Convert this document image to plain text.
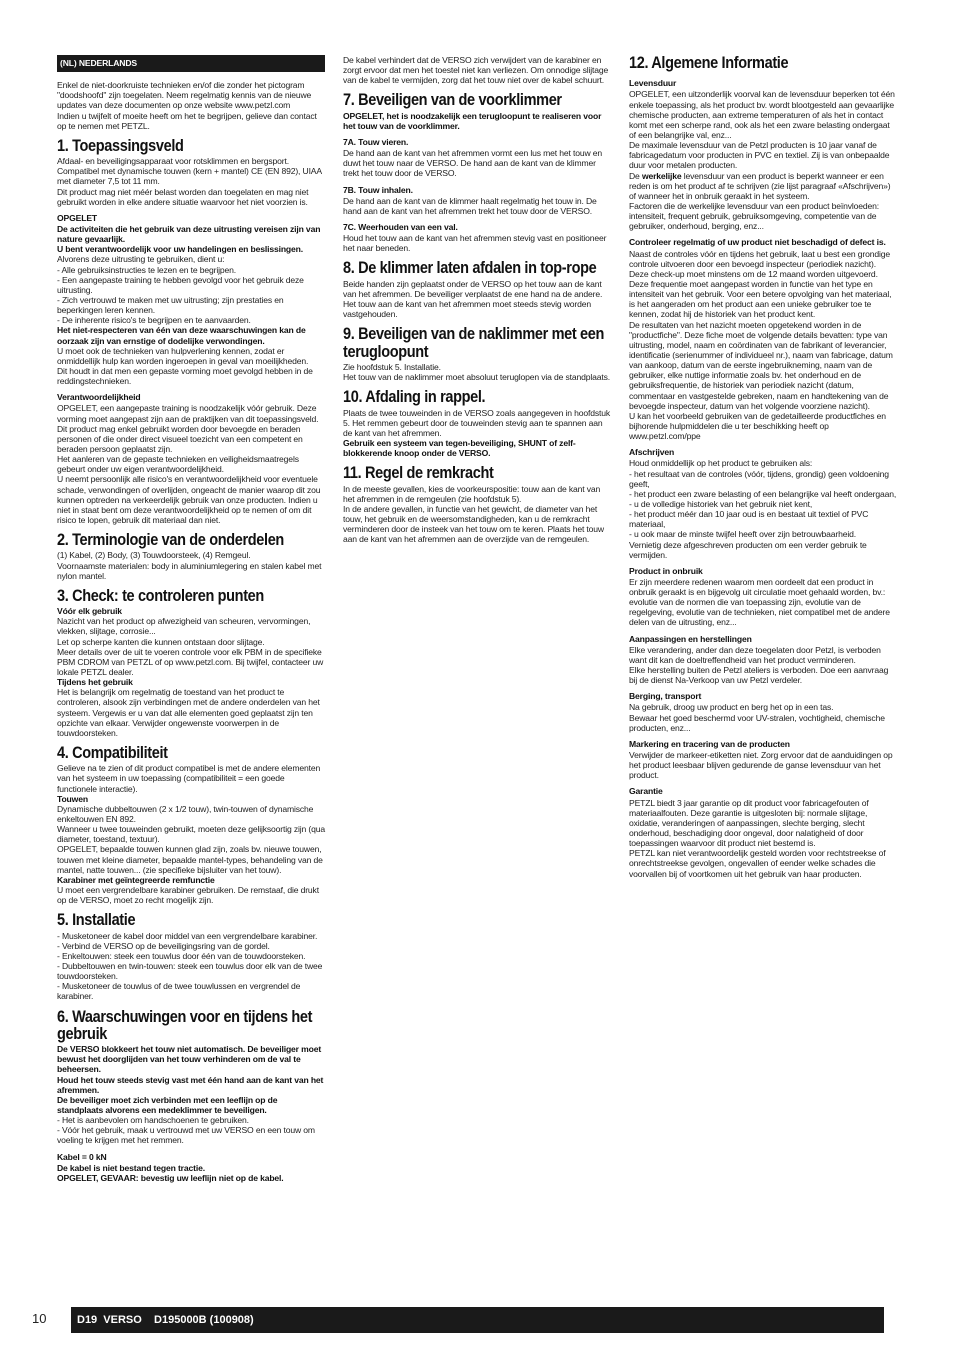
(NL) NEDERLANDS

Enkel de niet-doorkruiste technieken en/of die zonder het pictogram "doodshoofd" zijn toegelaten. Neem regelmatig kennis van de nieuwe updates van deze documenten op onze website www.petzl.com
Indien u twijfelt of moeite heeft om het te begrijpen, gelieve dan contact op te nemen met PETZL.

1. Toepassingsveld

Afdaal- en beveiligingsapparaat voor rotsklimmen en bergsport.
Compatibel met dynamische touwen (kern + mantel) CE (EN 892), UIAA met diameter 7,5 tot 11 mm.
Dit product mag niet méér belast worden dan toegelaten en mag niet gebruikt worden in elke andere situatie waarvoor het niet voorzien is.

OPGELET

De activiteiten die het gebruik van deze uitrusting vereisen zijn van nature gevaarlijk.
U bent verantwoordelijk voor uw handelingen en beslissingen.

Alvorens deze uitrusting te gebruiken, dient u:
- Alle gebruiksinstructies te lezen en te begrijpen.
- Een aangepaste training te hebben gevolgd voor het gebruik deze uitrusting.
- Zich vertrouwd te maken met uw uitrusting; zijn prestaties en beperkingen leren kennen.
- De inherente risico's te begrijpen en te aanvaarden.

Het niet-respecteren van één van deze waarschuwingen kan de oorzaak zijn van ernstige of dodelijke verwondingen.

U moet ook de technieken van hulpverlening kennen, zodat er onmiddellijk hulp kan worden ingeroepen in geval van moeilijkheden.
Dit houdt in dat men een gepaste vorming moet gevolgd hebben in de reddingstechnieken.

Verantwoordelijkheid

OPGELET, een aangepaste training is noodzakelijk vóór gebruik. Deze vorming moet aangepast zijn aan de praktijken van dit toepassingsveld.
Dit product mag enkel gebruikt worden door bevoegde en beraden personen of die onder direct visueel toezicht van een competent en beraden persoon geplaatst zijn.
Het aanleren van de gepaste technieken en veiligheidsmaatregels gebeurt onder uw eigen verantwoordelijkheid.
U neemt persoonlijk alle risico's en verantwoordelijkheid voor eventuele schade, verwondingen of overlijden, ongeacht de manier waarop dit zou kunnen optreden na verkeerdelijk gebruik van onze producten. Indien u niet in staat bent om deze verantwoordelijkheid op te nemen of om dit risico te lopen, gebruik dit materiaal dan niet.

2. Terminologie van de onderdelen

(1) Kabel, (2) Body, (3) Touwdoorsteek, (4) Remgeul.
Voornaamste materialen: body in aluminiumlegering en stalen kabel met nylon mantel.

3. Check: te controleren punten

Vóór elk gebruik

Nazicht van het product op afwezigheid van scheuren, vervormingen, vlekken, slijtage, corrosie...
Let op scherpe kanten die kunnen ontstaan door slijtage.
Meer details over de uit te voeren controle voor elk PBM in de specifieke PBM CDROM van PETZL of op www.petzl.com. Bij twijfel, contacteer uw lokale PETZL dealer.

Tijdens het gebruik

Het is belangrijk om regelmatig de toestand van het product te controleren, alsook zijn verbindingen met de andere onderdelen van het systeem. Vergewis er u van dat alle elementen goed geplaatst zijn ten opzichte van elkaar. Verwijder ongewenste voorwerpen in de touwdoorsteken.

4. Compatibiliteit

Gelieve na te zien of dit product compatibel is met de andere elementen van het systeem in uw toepassing (compatibiliteit = een goede functionele interactie).

Touwen

Dynamische dubbeltouwen (2 x 1/2 touw), twin-touwen of dynamische enkeltouwen EN 892.
Wanneer u twee touweinden gebruikt, moeten deze gelijksoortig zijn (qua diameter, toestand, textuur).
OPGELET, bepaalde touwen kunnen glad zijn, zoals bv. nieuwe touwen, touwen met kleine diameter, bepaalde mantel-types, behandeling van de mantel, natte touwen... (zie specifieke bijsluiter van het touw).

Karabiner met geïntegreerde remfunctie

U moet een vergrendelbare karabiner gebruiken. De remstaaf, die drukt op de VERSO, moet zo recht mogelijk zijn.

5. Installatie

- Musketoneer de kabel door middel van een vergrendelbare karabiner.
- Verbind de VERSO op de beveiligingsring van de gordel.
- Enkeltouwen: steek een touwlus door één van de touwdoorsteken.
- Dubbeltouwen en twin-touwen: steek een touwlus door elk van de twee touwdoorsteken.
- Musketoneer de touwlus of de twee touwlussen en vergrendel de karabiner.

6. Waarschuwingen voor en tijdens het gebruik

De VERSO blokkeert het touw niet automatisch. De beveiliger moet bewust het doorglijden van het touw verhinderen om de val te beheersen.
Houd het touw steeds stevig vast met één hand aan de kant van het afremmen.
De beveiliger moet zich verbinden met een leeflijn op de standplaats alvorens een medeklimmer te beveiligen.

- Het is aanbevolen om handschoenen te gebruiken.
- Vóór het gebruik, maak u vertrouwd met uw VERSO en een touw om voeling te krijgen met het remmen.

Kabel = 0 kN

De kabel is niet bestand tegen tractie.
OPGELET, GEVAAR: bevestig uw leeflijn niet op de kabel.

De kabel verhindert dat de VERSO zich verwijdert van de karabiner en zorgt ervoor dat men het toestel niet kan verliezen. Om onnodige slijtage van de kabel te vermijden, zorg dat het touw niet over de kabel schuurt.

7. Beveiligen van de voorklimmer

OPGELET, het is noodzakelijk een terugloopunt te realiseren voor het touw van de voorklimmer.

7A. Touw vieren.

De hand aan de kant van het afremmen vormt een lus met het touw en duwt het touw naar de VERSO. De hand aan de kant van de klimmer trekt het touw door de VERSO.

7B. Touw inhalen.

De hand aan de kant van de klimmer haalt regelmatig het touw in. De hand aan de kant van het afremmen trekt het touw door de VERSO.

7C. Weerhouden van een val.

Houd het touw aan de kant van het afremmen stevig vast en positioneer het naar beneden.

8. De klimmer laten afdalen in top-rope

Beide handen zijn geplaatst onder de VERSO op het touw aan de kant van het afremmen. De beveiliger verplaatst de ene hand na de andere. Het touw aan de kant van het afremmen moet steeds stevig worden vastgehouden.

9. Beveiligen van de naklimmer met een terugloopunt

Zie hoofdstuk 5. Installatie.
Het touw van de naklimmer moet absoluut teruglopen via de standplaats.

10. Afdaling in rappel.

Plaats de twee touweinden in de VERSO zoals aangegeven in hoofdstuk 5. Het remmen gebeurt door de touweinden stevig aan te spannen aan de kant van het afremmen.

Gebruik een systeem van tegen-beveiliging, SHUNT of zelf-blokkerende knoop onder de VERSO.

11. Regel de remkracht

In de meeste gevallen, kies de voorkeurspositie: touw aan de kant van het afremmen in de remgeulen (zie hoofdstuk 5).
In de andere gevallen, in functie van het gewicht, de diameter van het touw, het gebruik en de weersomstandigheden, kan u de remkracht verminderen door de insteek van het touw om te keren. Plaats het touw aan de kant van het afremmen aan de overzijde van de remgeulen.

12. Algemene Informatie
Levensduur

OPGELET, een uitzonderlijk voorval kan de levensduur beperken tot één enkele toepassing, als het product bv. wordt blootgesteld aan gevaarlijke chemische producten, aan extreme temperaturen of als het in contact komt met een scherpe rand, ook als het een zware belasting ondergaat of een belangrijke val, enz...
De maximale levensduur van de Petzl producten is 10 jaar vanaf de fabricagedatum voor producten in PVC en textiel. Zij is van onbepaalde duur voor metalen producten.

De werkelijke levensduur van een product is beperkt wanneer er een reden is om het product af te schrijven (zie lijst paragraaf «Afschrijven») of wanneer het in onbruik geraakt in het systeem.
Factoren die de werkelijke levensduur van een product beïnvloeden: intensiteit, frequent gebruik, gebruiksomgeving, competentie van de gebruiker, onderhoud, berging, enz...

Controleer regelmatig of uw product niet beschadigd of defect is.

Naast de controles vóór en tijdens het gebruik, laat u best een grondige controle uitvoeren door een bevoegd inspecteur (periodiek nazicht). Deze check-up moet minstens om de 12 maand worden uitgevoerd. Deze frequentie moet aangepast worden in functie van het type en intensiteit van het gebruik. Voor een betere opvolging van het materiaal, is het aangeraden om het product aan een unieke gebruiker toe te kennen, zodat hij de historiek van het product kent.
De resultaten van het nazicht moeten opgetekend worden in de "productfiche". Deze fiche moet de volgende details bevatten: type van uitrusting, model, naam en coördinaten van de fabrikant of leverancier, identificatie (serienummer of individueel nr.), naam van fabricage, datum van aankoop, datum van de eerste ingebruikneming, naam van de gebruiker, elke nuttige informatie zoals bv. het onderhoud en de gebruiksfrequentie, de historiek van periodiek nazicht (datum, commentaar en vastgestelde gebreken, naam en handtekening van de bevoegde inspecteur, datum van het volgende voorziene nazicht).
U kan het voorbeeld gebruiken van de gedetailleerde productfiches en bijhorende hulpmiddelen die u ter beschikking heeft op www.petzl.com/ppe

Afschrijven

Houd onmiddellijk op het product te gebruiken als:
- het resultaat van de controles (vóór, tijdens, grondig) geen voldoening geeft,
- het product een zware belasting of een belangrijke val heeft ondergaan,
- u de volledige historiek van het gebruik niet kent,
- het product méér dan 10 jaar oud is en bestaat uit textiel of PVC materiaal,
- u ook maar de minste twijfel heeft over zijn betrouwbaarheid.
Vernietig deze afgeschreven producten om een verder gebruik te vermijden.

Product in onbruik

Er zijn meerdere redenen waarom men oordeelt dat een product in onbruik geraakt is en bijgevolg uit circulatie moet gehaald worden, bv.: evolutie van de normen die van toepassing zijn, evolutie van de regelgeving, evolutie van de technieken, niet compatibel met de andere delen van de uitrusting, enz...

Aanpassingen en herstellingen

Elke verandering, ander dan deze toegelaten door Petzl, is verboden want dit kan de doeltreffendheid van het product verminderen.
Elke herstelling buiten de Petzl ateliers is verboden. Doe een aanvraag bij de dienst Na-Verkoop van uw Petzl verdeler.

Berging, transport

Na gebruik, droog uw product en berg het op in een tas.
Bewaar het goed beschermd voor UV-stralen, vochtigheid, chemische producten, enz...

Markering en tracering van de producten

Verwijder de markeer-etiketten niet. Zorg ervoor dat de aanduidingen op het product leesbaar blijven gedurende de ganse levensduur van het product.

Garantie

PETZL biedt 3 jaar garantie op dit product voor fabricagefouten of materiaalfouten. Deze garantie is uitgesloten bij: normale slijtage, oxidatie, veranderingen of aanpassingen, slechte berging, slecht onderhoud, beschadiging door ongeval, door nalatigheid of door toepassingen waarvoor dit product niet bestemd is.
PETZL kan niet verantwoordelijk gesteld worden voor rechtstreekse of onrechtstreekse gevolgen, ongevallen of eender welke schades die voorvallen bij of voortkomen uit het gebruik van haar producten.

10	D19  VERSO    D195000B (100908)
